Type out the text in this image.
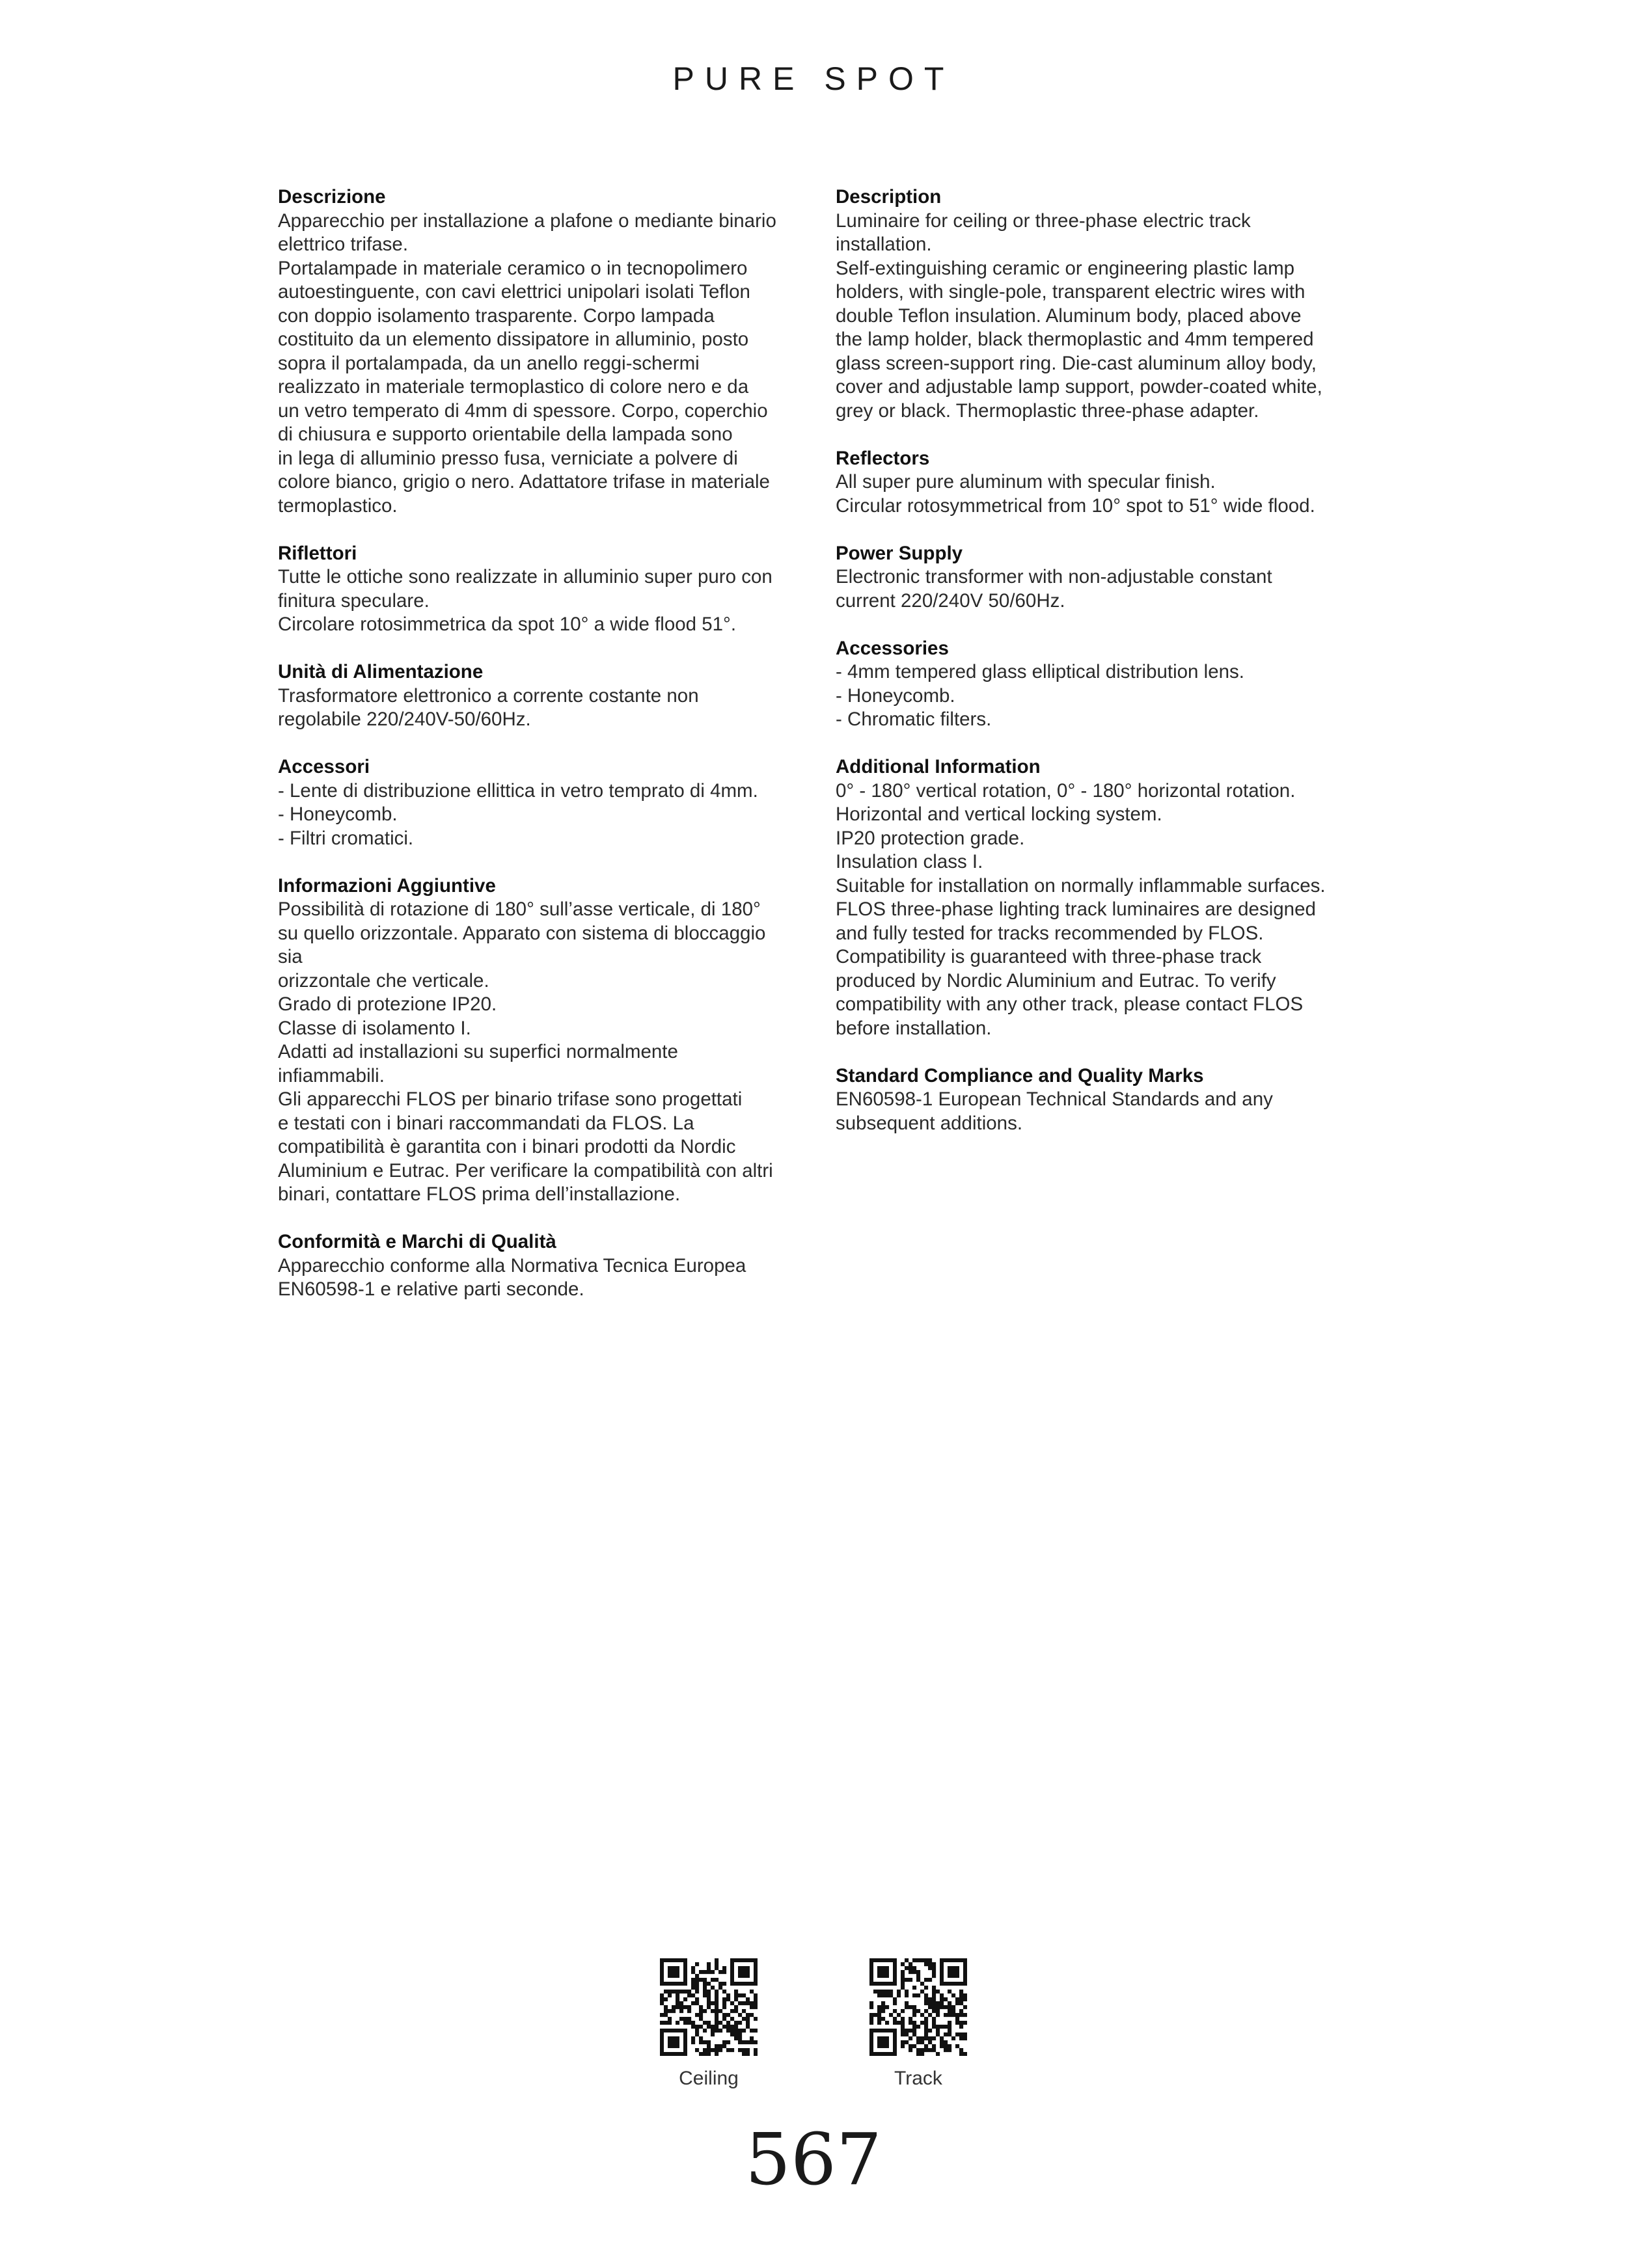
PURE SPOT
Descrizione
Apparecchio per installazione a plafone o mediante binario
elettrico trifase.
Portalampade in materiale ceramico o in tecnopolimero
autoestinguente, con cavi elettrici unipolari isolati Teflon
con doppio isolamento trasparente. Corpo lampada
costituito da un elemento dissipatore in alluminio, posto
sopra il portalampada, da un anello reggi-schermi
realizzato in materiale termoplastico di colore nero e da
un vetro temperato di 4mm di spessore. Corpo, coperchio
di chiusura e supporto orientabile della lampada sono
in lega di alluminio presso fusa, verniciate a polvere di
colore bianco, grigio o nero. Adattatore trifase in materiale
termoplastico.
Riflettori
Tutte le ottiche sono realizzate in alluminio super puro con
finitura speculare.
Circolare rotosimmetrica da spot 10° a wide flood 51°.
Unità di Alimentazione
Trasformatore elettronico a corrente costante non
regolabile 220/240V-50/60Hz.
Accessori
- Lente di distribuzione ellittica in vetro temprato di 4mm.
- Honeycomb.
- Filtri cromatici.
Informazioni Aggiuntive
Possibilità di rotazione di 180° sull’asse verticale, di 180°
su quello orizzontale. Apparato con sistema di bloccaggio
sia
orizzontale che verticale.
Grado di protezione IP20.
Classe di isolamento I.
Adatti ad installazioni su superfici normalmente
infiammabili.
Gli apparecchi FLOS per binario trifase sono progettati
e testati con i binari raccommandati da FLOS. La
compatibilità è garantita con i binari prodotti da Nordic
Aluminium e Eutrac. Per verificare la compatibilità con altri
binari, contattare FLOS prima dell’installazione.
Conformità e Marchi di Qualità
Apparecchio conforme alla Normativa Tecnica Europea
EN60598-1 e relative parti seconde.
Description
Luminaire for ceiling or three-phase electric track
installation.
Self-extinguishing ceramic or engineering plastic lamp
holders, with single-pole, transparent electric wires with
double Teflon insulation. Aluminum body, placed above
the lamp holder, black thermoplastic and 4mm tempered
glass screen-support ring. Die-cast aluminum alloy body,
cover and adjustable lamp support, powder-coated white,
grey or black. Thermoplastic three-phase adapter.
Reflectors
All super pure aluminum with specular finish.
Circular rotosymmetrical from 10° spot to 51° wide flood.
Power Supply
Electronic transformer with non-adjustable constant
current 220/240V 50/60Hz.
Accessories
- 4mm tempered glass elliptical distribution lens.
- Honeycomb.
- Chromatic filters.
Additional Information
0° - 180° vertical rotation, 0° - 180° horizontal rotation.
Horizontal and vertical locking system.
IP20 protection grade.
Insulation class I.
Suitable for installation on normally inflammable surfaces.
FLOS three-phase lighting track luminaires are designed
and fully tested for tracks recommended by FLOS.
Compatibility is guaranteed with three-phase track
produced by Nordic Aluminium and Eutrac. To verify
compatibility with any other track, please contact FLOS
before installation.
Standard Compliance and Quality Marks
EN60598-1 European Technical Standards and any
subsequent additions.
Ceiling	Track
567
